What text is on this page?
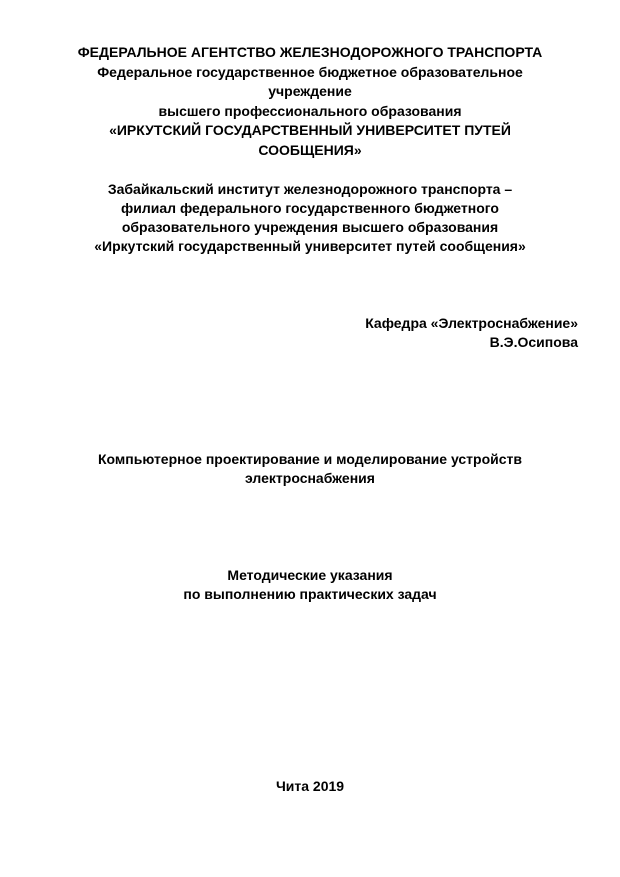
ФЕДЕРАЛЬНОЕ АГЕНТСТВО ЖЕЛЕЗНОДОРОЖНОГО ТРАНСПОРТА
Федеральное государственное бюджетное образовательное
учреждение
высшего профессионального образования
«ИРКУТСКИЙ ГОСУДАРСТВЕННЫЙ УНИВЕРСИТЕТ ПУТЕЙ
СООБЩЕНИЯ»
Забайкальский институт железнодорожного транспорта –
филиал федерального государственного бюджетного
образовательного учреждения высшего образования
«Иркутский государственный университет путей сообщения»
Кафедра «Электроснабжение»
В.Э.Осипова
Компьютерное проектирование и моделирование устройств
электроснабжения
Методические указания
по выполнению практических задач
Чита 2019
